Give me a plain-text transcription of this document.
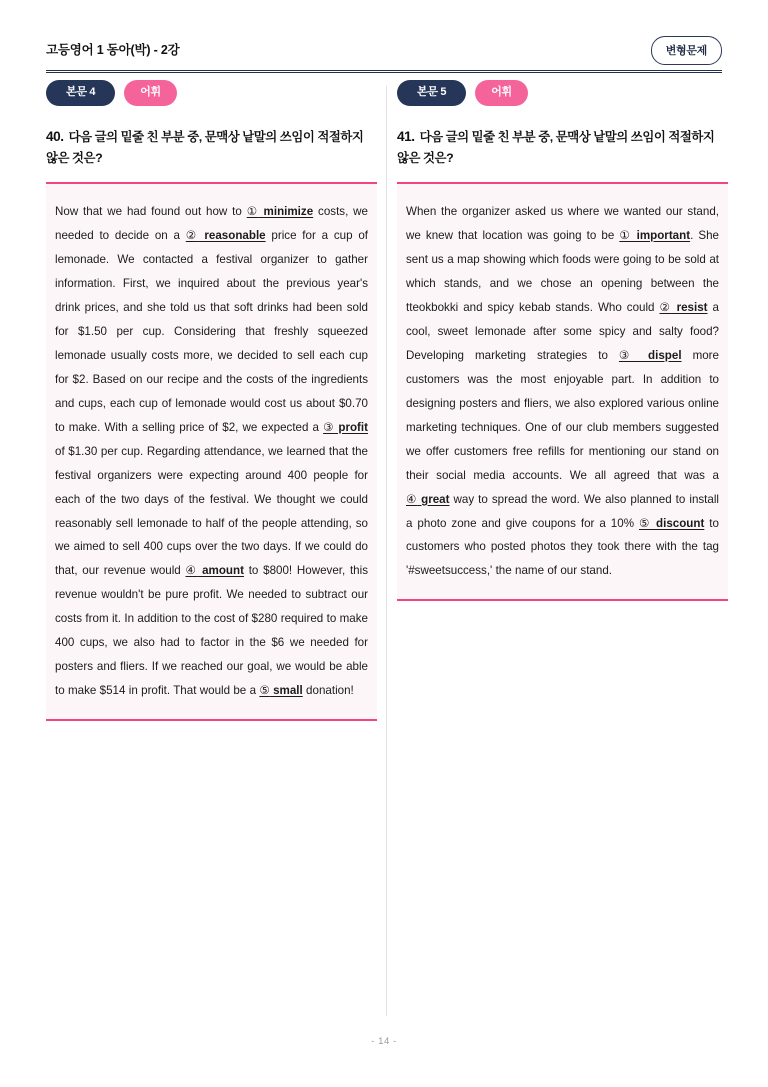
고등영어 1 동아(박) - 2강	변형문제
본문 4	어휘
40. 다음 글의 밑줄 친 부분 중, 문맥상 낱말의 쓰임이 적절하지 않은 것은?

Now that we had found out how to ① minimize costs, we needed to decide on a ② reasonable price for a cup of lemonade. We contacted a festival organizer to gather information. First, we inquired about the previous year's drink prices, and she told us that soft drinks had been sold for $1.50 per cup. Considering that freshly squeezed lemonade usually costs more, we decided to sell each cup for $2. Based on our recipe and the costs of the ingredients and cups, each cup of lemonade would cost us about $0.70 to make. With a selling price of $2, we expected a ③ profit of $1.30 per cup. Regarding attendance, we learned that the festival organizers were expecting around 400 people for each of the two days of the festival. We thought we could reasonably sell lemonade to half of the people attending, so we aimed to sell 400 cups over the two days. If we could do that, our revenue would ④ amount to $800! However, this revenue wouldn't be pure profit. We needed to subtract our costs from it. In addition to the cost of $280 required to make 400 cups, we also had to factor in the $6 we needed for posters and fliers. If we reached our goal, we would be able to make $514 in profit. That would be a ⑤ small donation!

본문 5	어휘
41. 다음 글의 밑줄 친 부분 중, 문맥상 낱말의 쓰임이 적절하지 않은 것은?

When the organizer asked us where we wanted our stand, we knew that location was going to be ① important. She sent us a map showing which foods were going to be sold at which stands, and we chose an opening between the tteokbokki and spicy kebab stands. Who could ② resist a cool, sweet lemonade after some spicy and salty food? Developing marketing strategies to ③ dispel more customers was the most enjoyable part. In addition to designing posters and fliers, we also explored various online marketing techniques. One of our club members suggested we offer customers free refills for mentioning our stand on their social media accounts. We all agreed that was a ④ great way to spread the word. We also planned to install a photo zone and give coupons for a 10% ⑤ discount to customers who posted photos they took there with the tag '#sweetsuccess,' the name of our stand.

- 14 -
